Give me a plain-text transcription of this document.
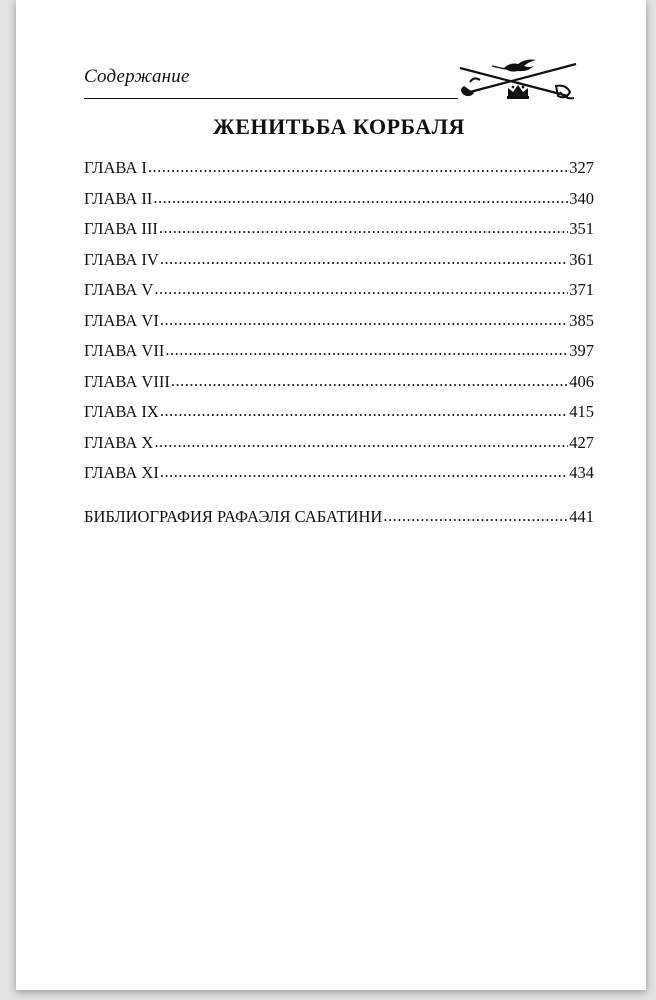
Содержание
ЖЕНИТЬБА КОРБАЛЯ
ГЛАВА I .....	327
ГЛАВА II .....	340
ГЛАВА III .....	351
ГЛАВА IV .....	361
ГЛАВА V .....	371
ГЛАВА VI .....	385
ГЛАВА VII .....	397
ГЛАВА VIII .....	406
ГЛАВА IX .....	415
ГЛАВА X .....	427
ГЛАВА XI .....	434
БИБЛИОГРАФИЯ РАФАЭЛЯ САБАТИНИ .....	441
